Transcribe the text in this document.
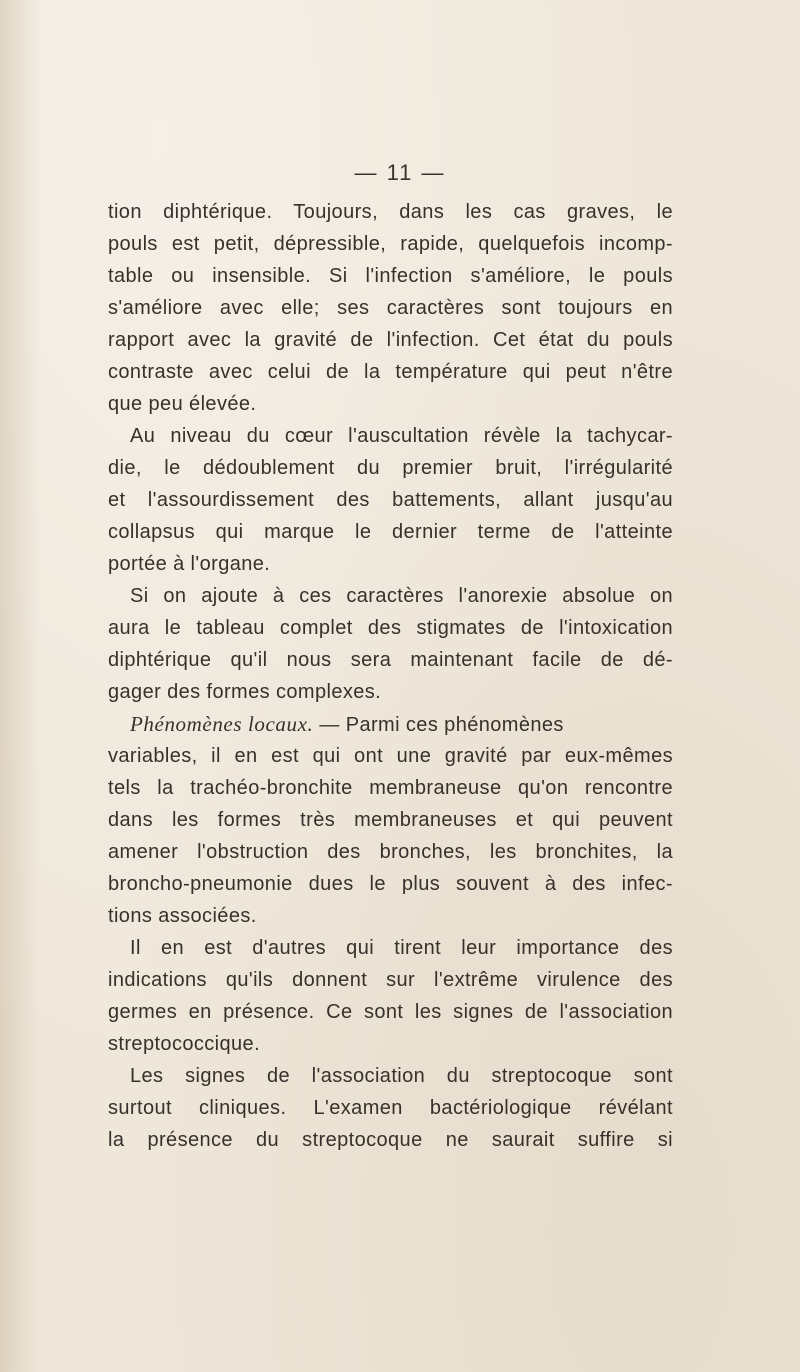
— 11 —
tion diphtérique. Toujours, dans les cas graves, le
pouls est petit, dépressible, rapide, quelquefois incomp-
table ou insensible. Si l'infection s'améliore, le pouls
s'améliore avec elle; ses caractères sont toujours en
rapport avec la gravité de l'infection. Cet état du pouls
contraste avec celui de la température qui peut n'être
que peu élevée.
Au niveau du cœur l'auscultation révèle la tachycar-
die, le dédoublement du premier bruit, l'irrégularité
et l'assourdissement des battements, allant jusqu'au
collapsus qui marque le dernier terme de l'atteinte
portée à l'organe.
Si on ajoute à ces caractères l'anorexie absolue on
aura le tableau complet des stigmates de l'intoxication
diphtérique qu'il nous sera maintenant facile de dé-
gager des formes complexes.
Phénomènes locaux. — Parmi ces phénomènes
variables, il en est qui ont une gravité par eux-mêmes
tels la trachéo-bronchite membraneuse qu'on rencontre
dans les formes très membraneuses et qui peuvent
amener l'obstruction des bronches, les bronchites, la
broncho-pneumonie dues le plus souvent à des infec-
tions associées.
Il en est d'autres qui tirent leur importance des
indications qu'ils donnent sur l'extrême virulence des
germes en présence. Ce sont les signes de l'association
streptococcique.
Les signes de l'association du streptocoque sont
surtout cliniques. L'examen bactériologique révélant
la présence du streptocoque ne saurait suffire si
